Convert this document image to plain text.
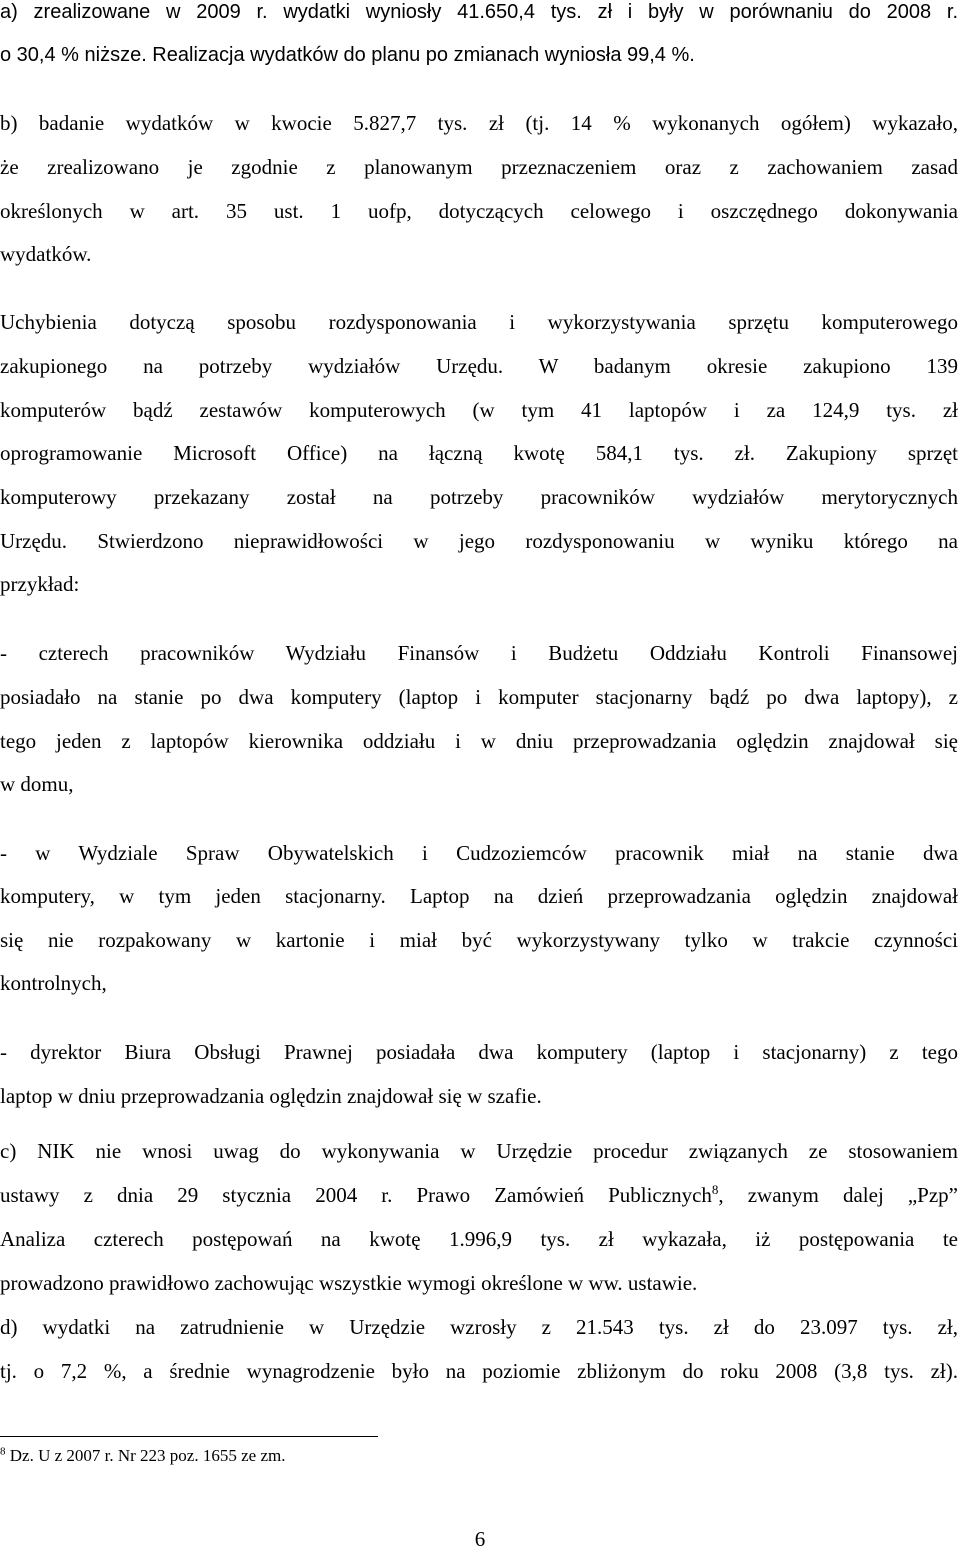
a) zrealizowane w 2009 r. wydatki wyniosły 41.650,4 tys. zł i były w porównaniu do 2008 r.
o 30,4 % niższe. Realizacja wydatków do planu po zmianach wyniosła 99,4 %.
b) badanie wydatków w kwocie 5.827,7 tys. zł (tj. 14 % wykonanych ogółem) wykazało,
że zrealizowano je zgodnie z planowanym przeznaczeniem oraz z zachowaniem zasad
określonych w art. 35 ust. 1 uofp, dotyczących celowego i oszczędnego dokonywania
wydatków.
Uchybienia dotyczą sposobu rozdysponowania i wykorzystywania sprzętu komputerowego
zakupionego na potrzeby wydziałów Urzędu. W badanym okresie zakupiono 139
komputerów bądź zestawów komputerowych (w tym 41 laptopów i za 124,9 tys. zł
oprogramowanie Microsoft Office) na łączną kwotę 584,1 tys. zł. Zakupiony sprzęt
komputerowy przekazany został na potrzeby pracowników wydziałów merytorycznych
Urzędu. Stwierdzono nieprawidłowości w jego rozdysponowaniu w wyniku którego na
przykład:
- czterech pracowników Wydziału Finansów i Budżetu Oddziału Kontroli Finansowej
posiadało na stanie po dwa komputery (laptop i komputer stacjonarny bądź po dwa laptopy), z
tego jeden z laptopów kierownika oddziału i w dniu przeprowadzania oględzin znajdował się
w domu,
- w Wydziale Spraw Obywatelskich i Cudzoziemców pracownik miał na stanie dwa
komputery, w tym jeden stacjonarny. Laptop na dzień przeprowadzania oględzin znajdował
się nie rozpakowany w kartonie i miał być wykorzystywany tylko w trakcie czynności
kontrolnych,
- dyrektor Biura Obsługi Prawnej posiadała dwa komputery (laptop i stacjonarny) z tego
laptop w dniu przeprowadzania oględzin znajdował się w szafie.
c) NIK nie wnosi uwag do wykonywania w Urzędzie procedur związanych ze stosowaniem
ustawy z dnia 29 stycznia 2004 r. Prawo Zamówień Publicznych$^8$, zwanym dalej „Pzp”
Analiza czterech postępowań na kwotę 1.996,9 tys. zł wykazała, iż postępowania te
prowadzono prawidłowo zachowując wszystkie wymogi określone w ww. ustawie.
d) wydatki na zatrudnienie w Urzędzie wzrosły z 21.543 tys. zł do 23.097 tys. zł,
tj. o 7,2 %, a średnie wynagrodzenie było na poziomie zbliżonym do roku 2008 (3,8 tys. zł).
$^8$ Dz. U z 2007 r. Nr 223 poz. 1655 ze zm.
6
